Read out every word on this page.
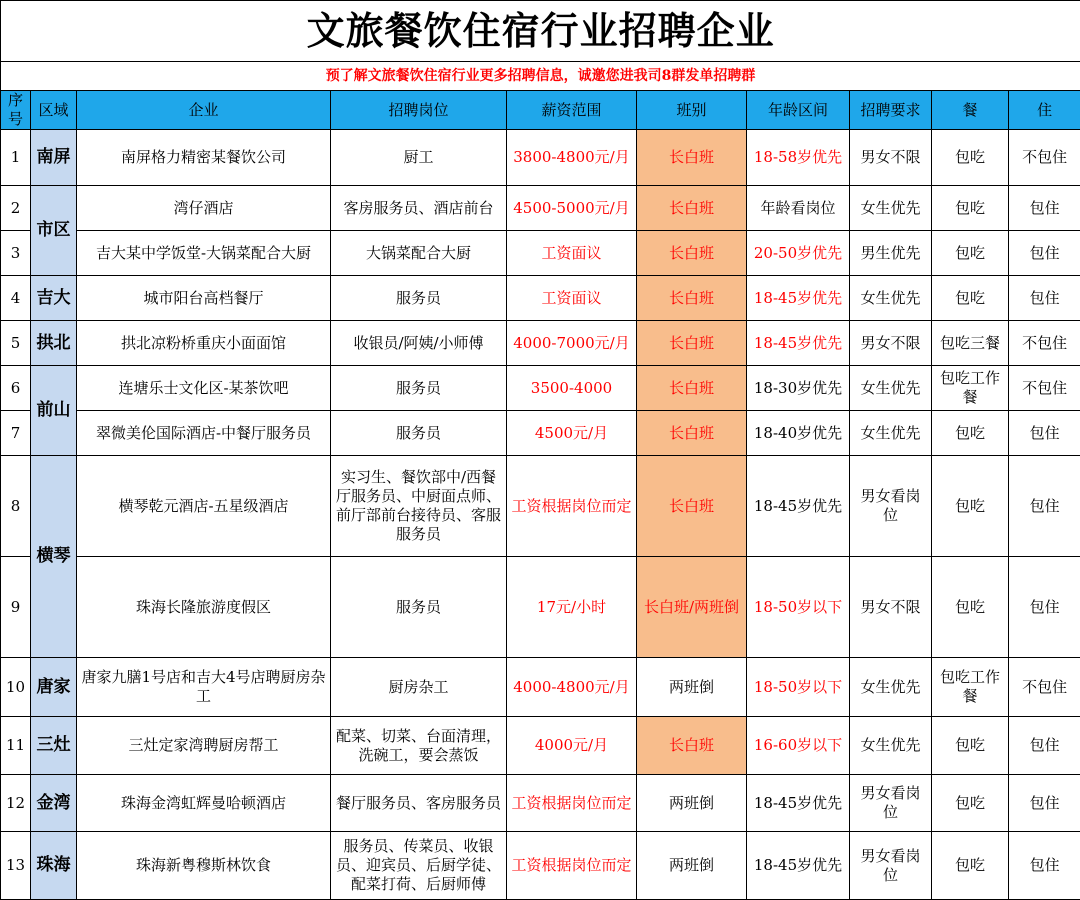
文旅餐饮住宿行业招聘企业									
预了解文旅餐饮住宿行业更多招聘信息，诚邀您进我司8群发单招聘群									
序号	区域	企业	招聘岗位	薪资范围	班别	年龄区间	招聘要求	餐	住
1	南屏	南屏格力精密某餐饮公司	厨工	3800-4800元/月	长白班	18-58岁优先	男女不限	包吃	不包住
2	市区	湾仔酒店	客房服务员、酒店前台	4500-5000元/月	长白班	年龄看岗位	女生优先	包吃	包住
3		吉大某中学饭堂-大锅菜配合大厨	大锅菜配合大厨	工资面议	长白班	20-50岁优先	男生优先	包吃	包住
4	吉大	城市阳台高档餐厅	服务员	工资面议	长白班	18-45岁优先	女生优先	包吃	包住
5	拱北	拱北凉粉桥重庆小面面馆	收银员/阿姨/小师傅	4000-7000元/月	长白班	18-45岁优先	男女不限	包吃三餐	不包住
6	前山	连塘乐士文化区-某茶饮吧	服务员	3500-4000	长白班	18-30岁优先	女生优先	包吃工作餐	不包住
7		翠微美伦国际酒店-中餐厅服务员	服务员	4500元/月	长白班	18-40岁优先	女生优先	包吃	包住
8	横琴	横琴乾元酒店-五星级酒店	实习生、餐饮部中/西餐厅服务员、中厨面点师、前厅部前台接待员、客服服务员	工资根据岗位而定	长白班	18-45岁优先	男女看岗位	包吃	包住
9		珠海长隆旅游度假区	服务员	17元/小时	长白班/两班倒	18-50岁以下	男女不限	包吃	包住
10	唐家	唐家九膳1号店和吉大4号店聘厨房杂工	厨房杂工	4000-4800元/月	两班倒	18-50岁以下	女生优先	包吃工作餐	不包住
11	三灶	三灶定家湾聘厨房帮工	配菜、切菜、台面清理，洗碗工，要会蒸饭	4000元/月	长白班	16-60岁以下	女生优先	包吃	包住
12	金湾	珠海金湾虹辉曼哈顿酒店	餐厅服务员、客房服务员	工资根据岗位而定	两班倒	18-45岁优先	男女看岗位	包吃	包住
13	珠海	珠海新粤穆斯林饮食	服务员、传菜员、收银员、迎宾员、后厨学徒、配菜打荷、后厨师傅	工资根据岗位而定	两班倒	18-45岁优先	男女看岗位	包吃	包住
